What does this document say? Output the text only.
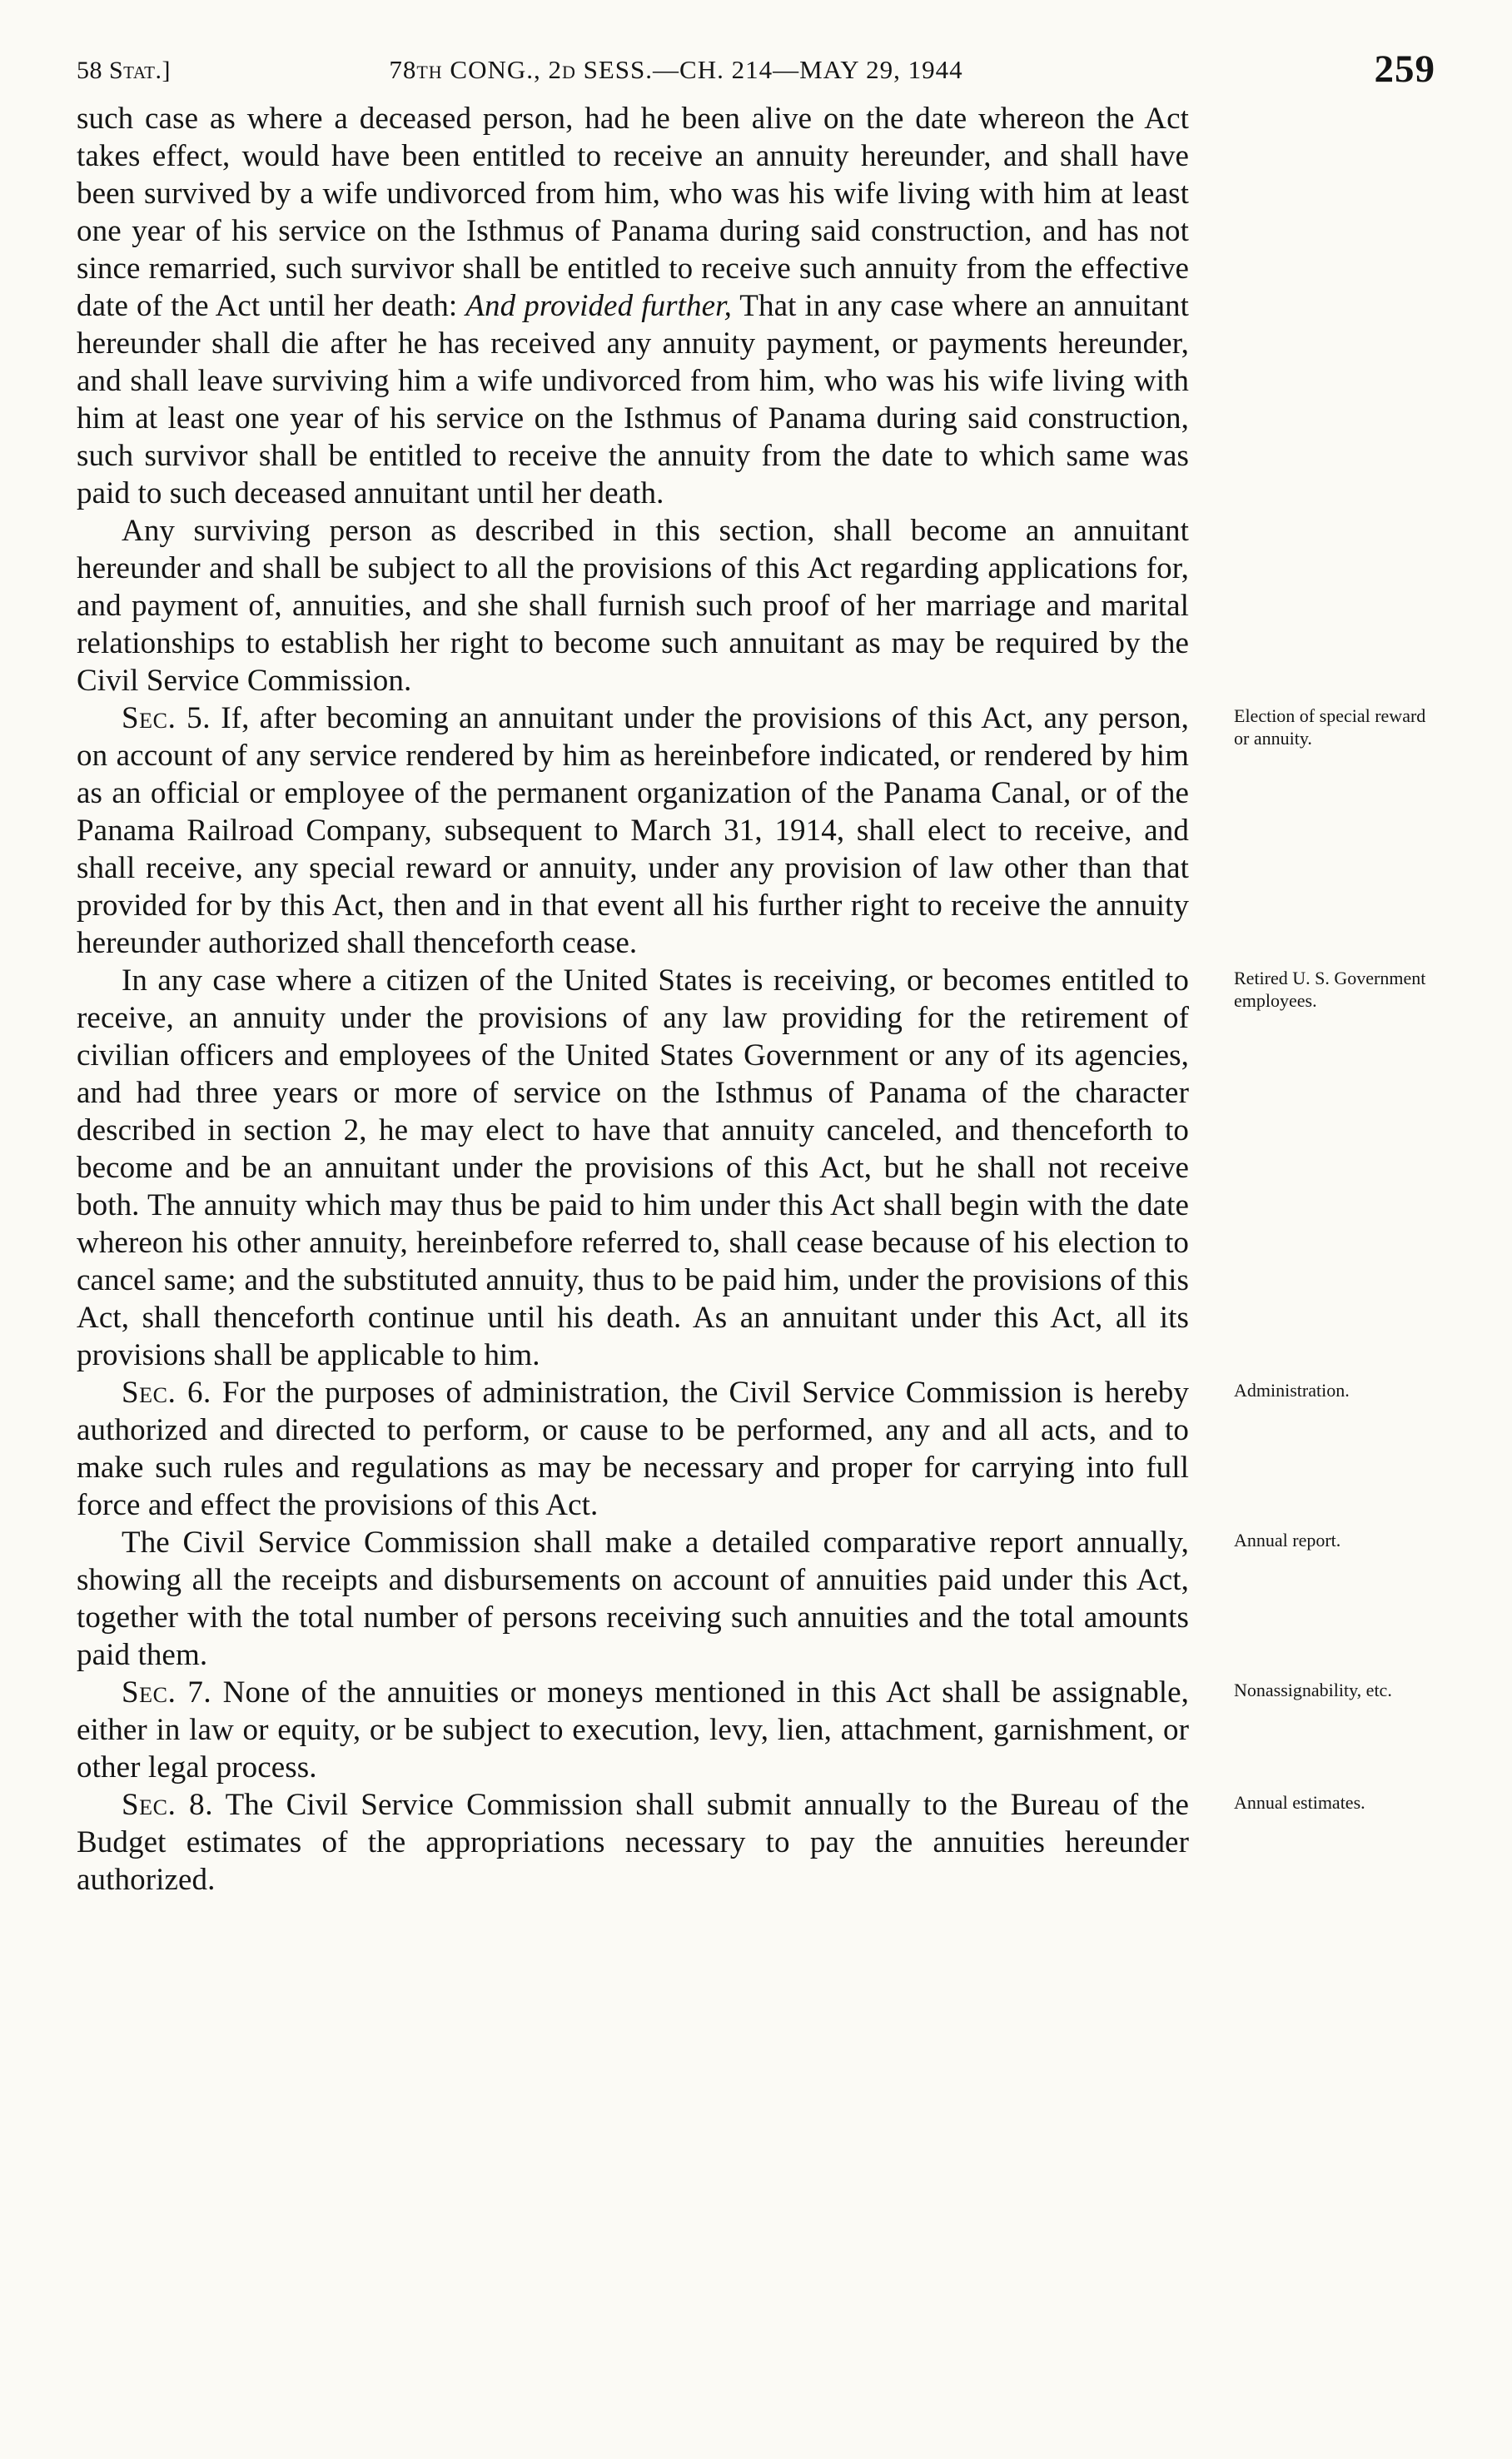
58 Stat.]	78th CONG., 2d SESS.—CH. 214—MAY 29, 1944	259

such case as where a deceased person, had he been alive on the date whereon the Act takes effect, would have been entitled to receive an annuity hereunder, and shall have been survived by a wife undivorced from him, who was his wife living with him at least one year of his service on the Isthmus of Panama during said construction, and has not since remarried, such survivor shall be entitled to receive such annuity from the effective date of the Act until her death: And provided further, That in any case where an annuitant hereunder shall die after he has received any annuity payment, or payments hereunder, and shall leave surviving him a wife undivorced from him, who was his wife living with him at least one year of his service on the Isthmus of Panama during said construction, such survivor shall be entitled to receive the annuity from the date to which same was paid to such deceased annuitant until her death.

Any surviving person as described in this section, shall become an annuitant hereunder and shall be subject to all the provisions of this Act regarding applications for, and payment of, annuities, and she shall furnish such proof of her marriage and marital relationships to establish her right to become such annuitant as may be required by the Civil Service Commission.

Sec. 5. If, after becoming an annuitant under the provisions of this Act, any person, on account of any service rendered by him as hereinbefore indicated, or rendered by him as an official or employee of the permanent organization of the Panama Canal, or of the Panama Railroad Company, subsequent to March 31, 1914, shall elect to receive, and shall receive, any special reward or annuity, under any provision of law other than that provided for by this Act, then and in that event all his further right to receive the annuity hereunder authorized shall thenceforth cease.

Election of special reward or annuity.

In any case where a citizen of the United States is receiving, or becomes entitled to receive, an annuity under the provisions of any law providing for the retirement of civilian officers and employees of the United States Government or any of its agencies, and had three years or more of service on the Isthmus of Panama of the character described in section 2, he may elect to have that annuity canceled, and thenceforth to become and be an annuitant under the provisions of this Act, but he shall not receive both. The annuity which may thus be paid to him under this Act shall begin with the date whereon his other annuity, hereinbefore referred to, shall cease because of his election to cancel same; and the substituted annuity, thus to be paid him, under the provisions of this Act, shall thenceforth continue until his death. As an annuitant under this Act, all its provisions shall be applicable to him.

Retired U. S. Government employees.

Sec. 6. For the purposes of administration, the Civil Service Commission is hereby authorized and directed to perform, or cause to be performed, any and all acts, and to make such rules and regulations as may be necessary and proper for carrying into full force and effect the provisions of this Act.

Administration.

The Civil Service Commission shall make a detailed comparative report annually, showing all the receipts and disbursements on account of annuities paid under this Act, together with the total number of persons receiving such annuities and the total amounts paid them.

Annual report.

Sec. 7. None of the annuities or moneys mentioned in this Act shall be assignable, either in law or equity, or be subject to execution, levy, lien, attachment, garnishment, or other legal process.

Nonassignability, etc.

Sec. 8. The Civil Service Commission shall submit annually to the Bureau of the Budget estimates of the appropriations necessary to pay the annuities hereunder authorized.

Annual estimates.
